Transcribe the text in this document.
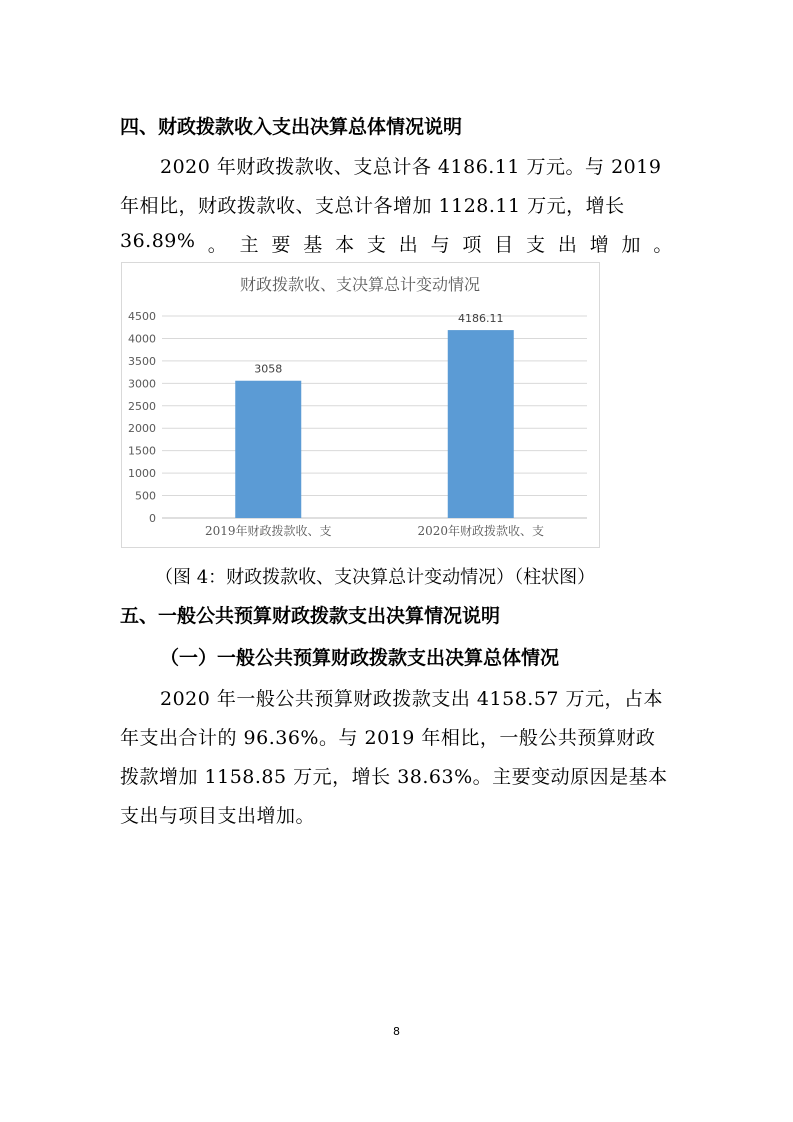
四、财政拨款收入支出决算总体情况说明
2020 年财政拨款收、支总计各 4186.11 万元。与 2019
年相比，财政拨款收、支总计各增加 1128.11 万元，增长
36.89% 。 主 要 基 本 支 出 与 项 目 支 出 增 加 。
财政拨款收、支决算总计变动情况
0
500
1000
1500
2000
2500
3000
3500
4000
4500
3058
2019年财政拨款收、支
4186.11
2020年财政拨款收、支
（图 4：财政拨款收、支决算总计变动情况）（柱状图）
五、一般公共预算财政拨款支出决算情况说明
（一）一般公共预算财政拨款支出决算总体情况
2020 年一般公共预算财政拨款支出 4158.57 万元，占本
年支出合计的 96.36%。与 2019 年相比，一般公共预算财政
拨款增加 1158.85 万元，增长 38.63%。主要变动原因是基本
支出与项目支出增加。
8
